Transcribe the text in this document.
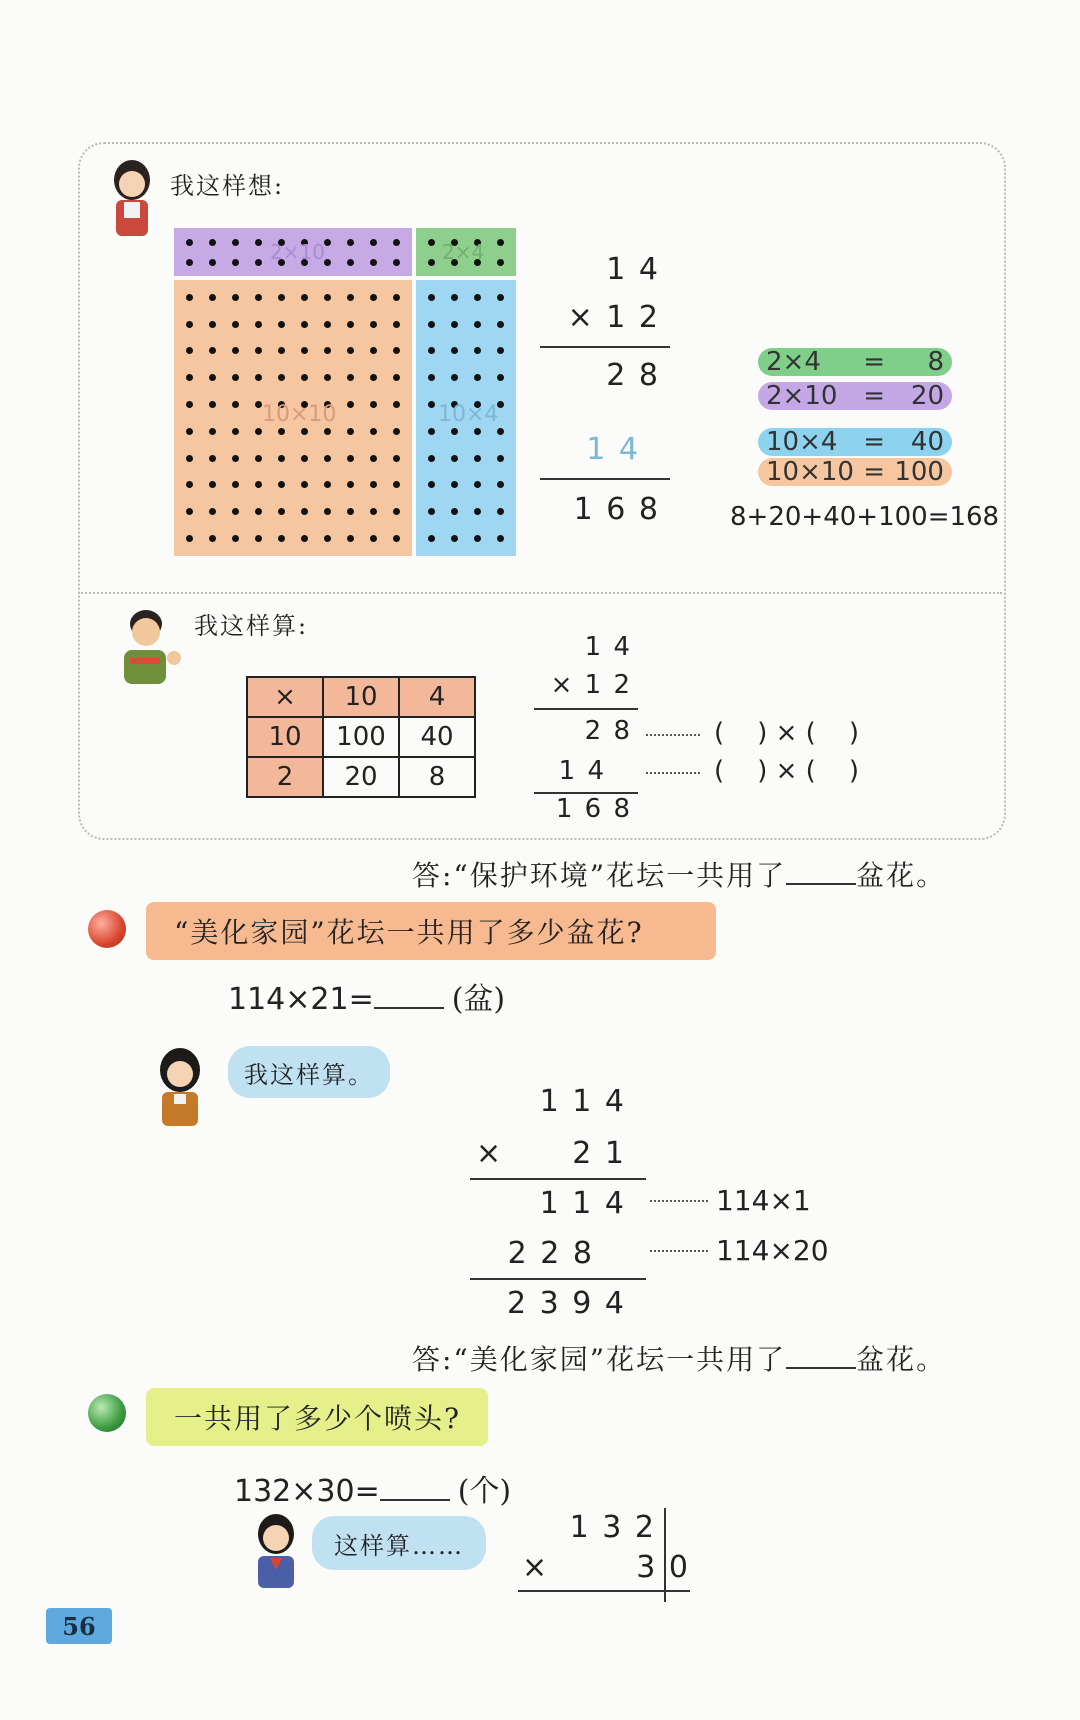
我这样想:
2×10	2×4
10×10	10×4
1 4
× 1 2
2 8
1 4
1 6 8
2×4 = 8
2×10 = 20
10×4 = 40
10×10 = 100
8+20+40+100=168
我这样算:
×	10	4
10	100	40
2	20	8
1 4
× 1 2
2 8
1 4
1 6 8
(    ) × (    )
(    ) × (    )
答:“保护环境”花坛一共用了	盆花。
“美化家园”花坛一共用了多少盆花?
114×21=	(盆)
我这样算。
1 1 4
×	2 1
1 1 4
2 2 8
2 3 9 4
114×1
114×20
答:“美化家园”花坛一共用了	盆花。
一共用了多少个喷头?
132×30=	(个)
这样算……
1 3 2
×	3 0
56
